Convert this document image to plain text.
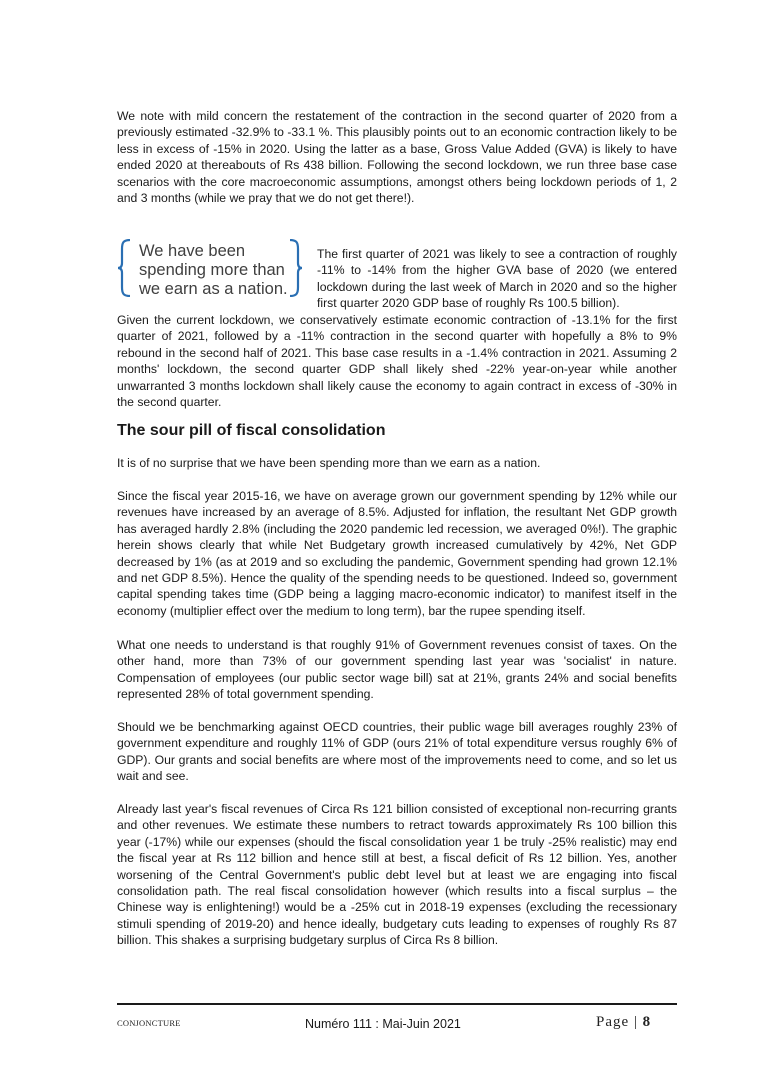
We note with mild concern the restatement of the contraction in the second quarter of 2020 from a previously estimated -32.9% to -33.1 %. This plausibly points out to an economic contraction likely to be less in excess of -15% in 2020. Using the latter as a base, Gross Value Added (GVA) is likely to have ended 2020 at thereabouts of Rs 438 billion. Following the second lockdown, we run three base case scenarios with the core macroeconomic assumptions, amongst others being lockdown periods of 1, 2 and 3 months (while we pray that we do not get there!).

We have been spending more than we earn as a nation.

The first quarter of 2021 was likely to see a contraction of roughly -11% to -14% from the higher GVA base of 2020 (we entered lockdown during the last week of March in 2020 and so the higher first quarter 2020 GDP base of roughly Rs 100.5 billion).

Given the current lockdown, we conservatively estimate economic contraction of -13.1% for the first quarter of 2021, followed by a -11% contraction in the second quarter with hopefully a 8% to 9% rebound in the second half of 2021. This base case results in a -1.4% contraction in 2021. Assuming 2 months' lockdown, the second quarter GDP shall likely shed -22% year-on-year while another unwarranted 3 months lockdown shall likely cause the economy to again contract in excess of -30% in the second quarter.

The sour pill of fiscal consolidation

It is of no surprise that we have been spending more than we earn as a nation.

Since the fiscal year 2015-16, we have on average grown our government spending by 12% while our revenues have increased by an average of 8.5%. Adjusted for inflation, the resultant Net GDP growth has averaged hardly 2.8% (including the 2020 pandemic led recession, we averaged 0%!). The graphic herein shows clearly that while Net Budgetary growth increased cumulatively by 42%, Net GDP decreased by 1% (as at 2019 and so excluding the pandemic, Government spending had grown 12.1% and net GDP 8.5%). Hence the quality of the spending needs to be questioned. Indeed so, government capital spending takes time (GDP being a lagging macro-economic indicator) to manifest itself in the economy (multiplier effect over the medium to long term), bar the rupee spending itself.

What one needs to understand is that roughly 91% of Government revenues consist of taxes. On the other hand, more than 73% of our government spending last year was 'socialist' in nature. Compensation of employees (our public sector wage bill) sat at 21%, grants 24% and social benefits represented 28% of total government spending.

Should we be benchmarking against OECD countries, their public wage bill averages roughly 23% of government expenditure and roughly 11% of GDP (ours 21% of total expenditure versus roughly 6% of GDP). Our grants and social benefits are where most of the improvements need to come, and so let us wait and see.

Already last year's fiscal revenues of Circa Rs 121 billion consisted of exceptional non-recurring grants and other revenues. We estimate these numbers to retract towards approximately Rs 100 billion this year (-17%) while our expenses (should the fiscal consolidation year 1 be truly -25% realistic) may end the fiscal year at Rs 112 billion and hence still at best, a fiscal deficit of Rs 12 billion. Yes, another worsening of the Central Government's public debt level but at least we are engaging into fiscal consolidation path. The real fiscal consolidation however (which results into a fiscal surplus – the Chinese way is enlightening!) would be a -25% cut in 2018-19 expenses (excluding the recessionary stimuli spending of 2019-20) and hence ideally, budgetary cuts leading to expenses of roughly Rs 87 billion. This shakes a surprising budgetary surplus of Circa Rs 8 billion.

CONJONCTURE	Numéro 111 : Mai-Juin 2021	Page | 8
